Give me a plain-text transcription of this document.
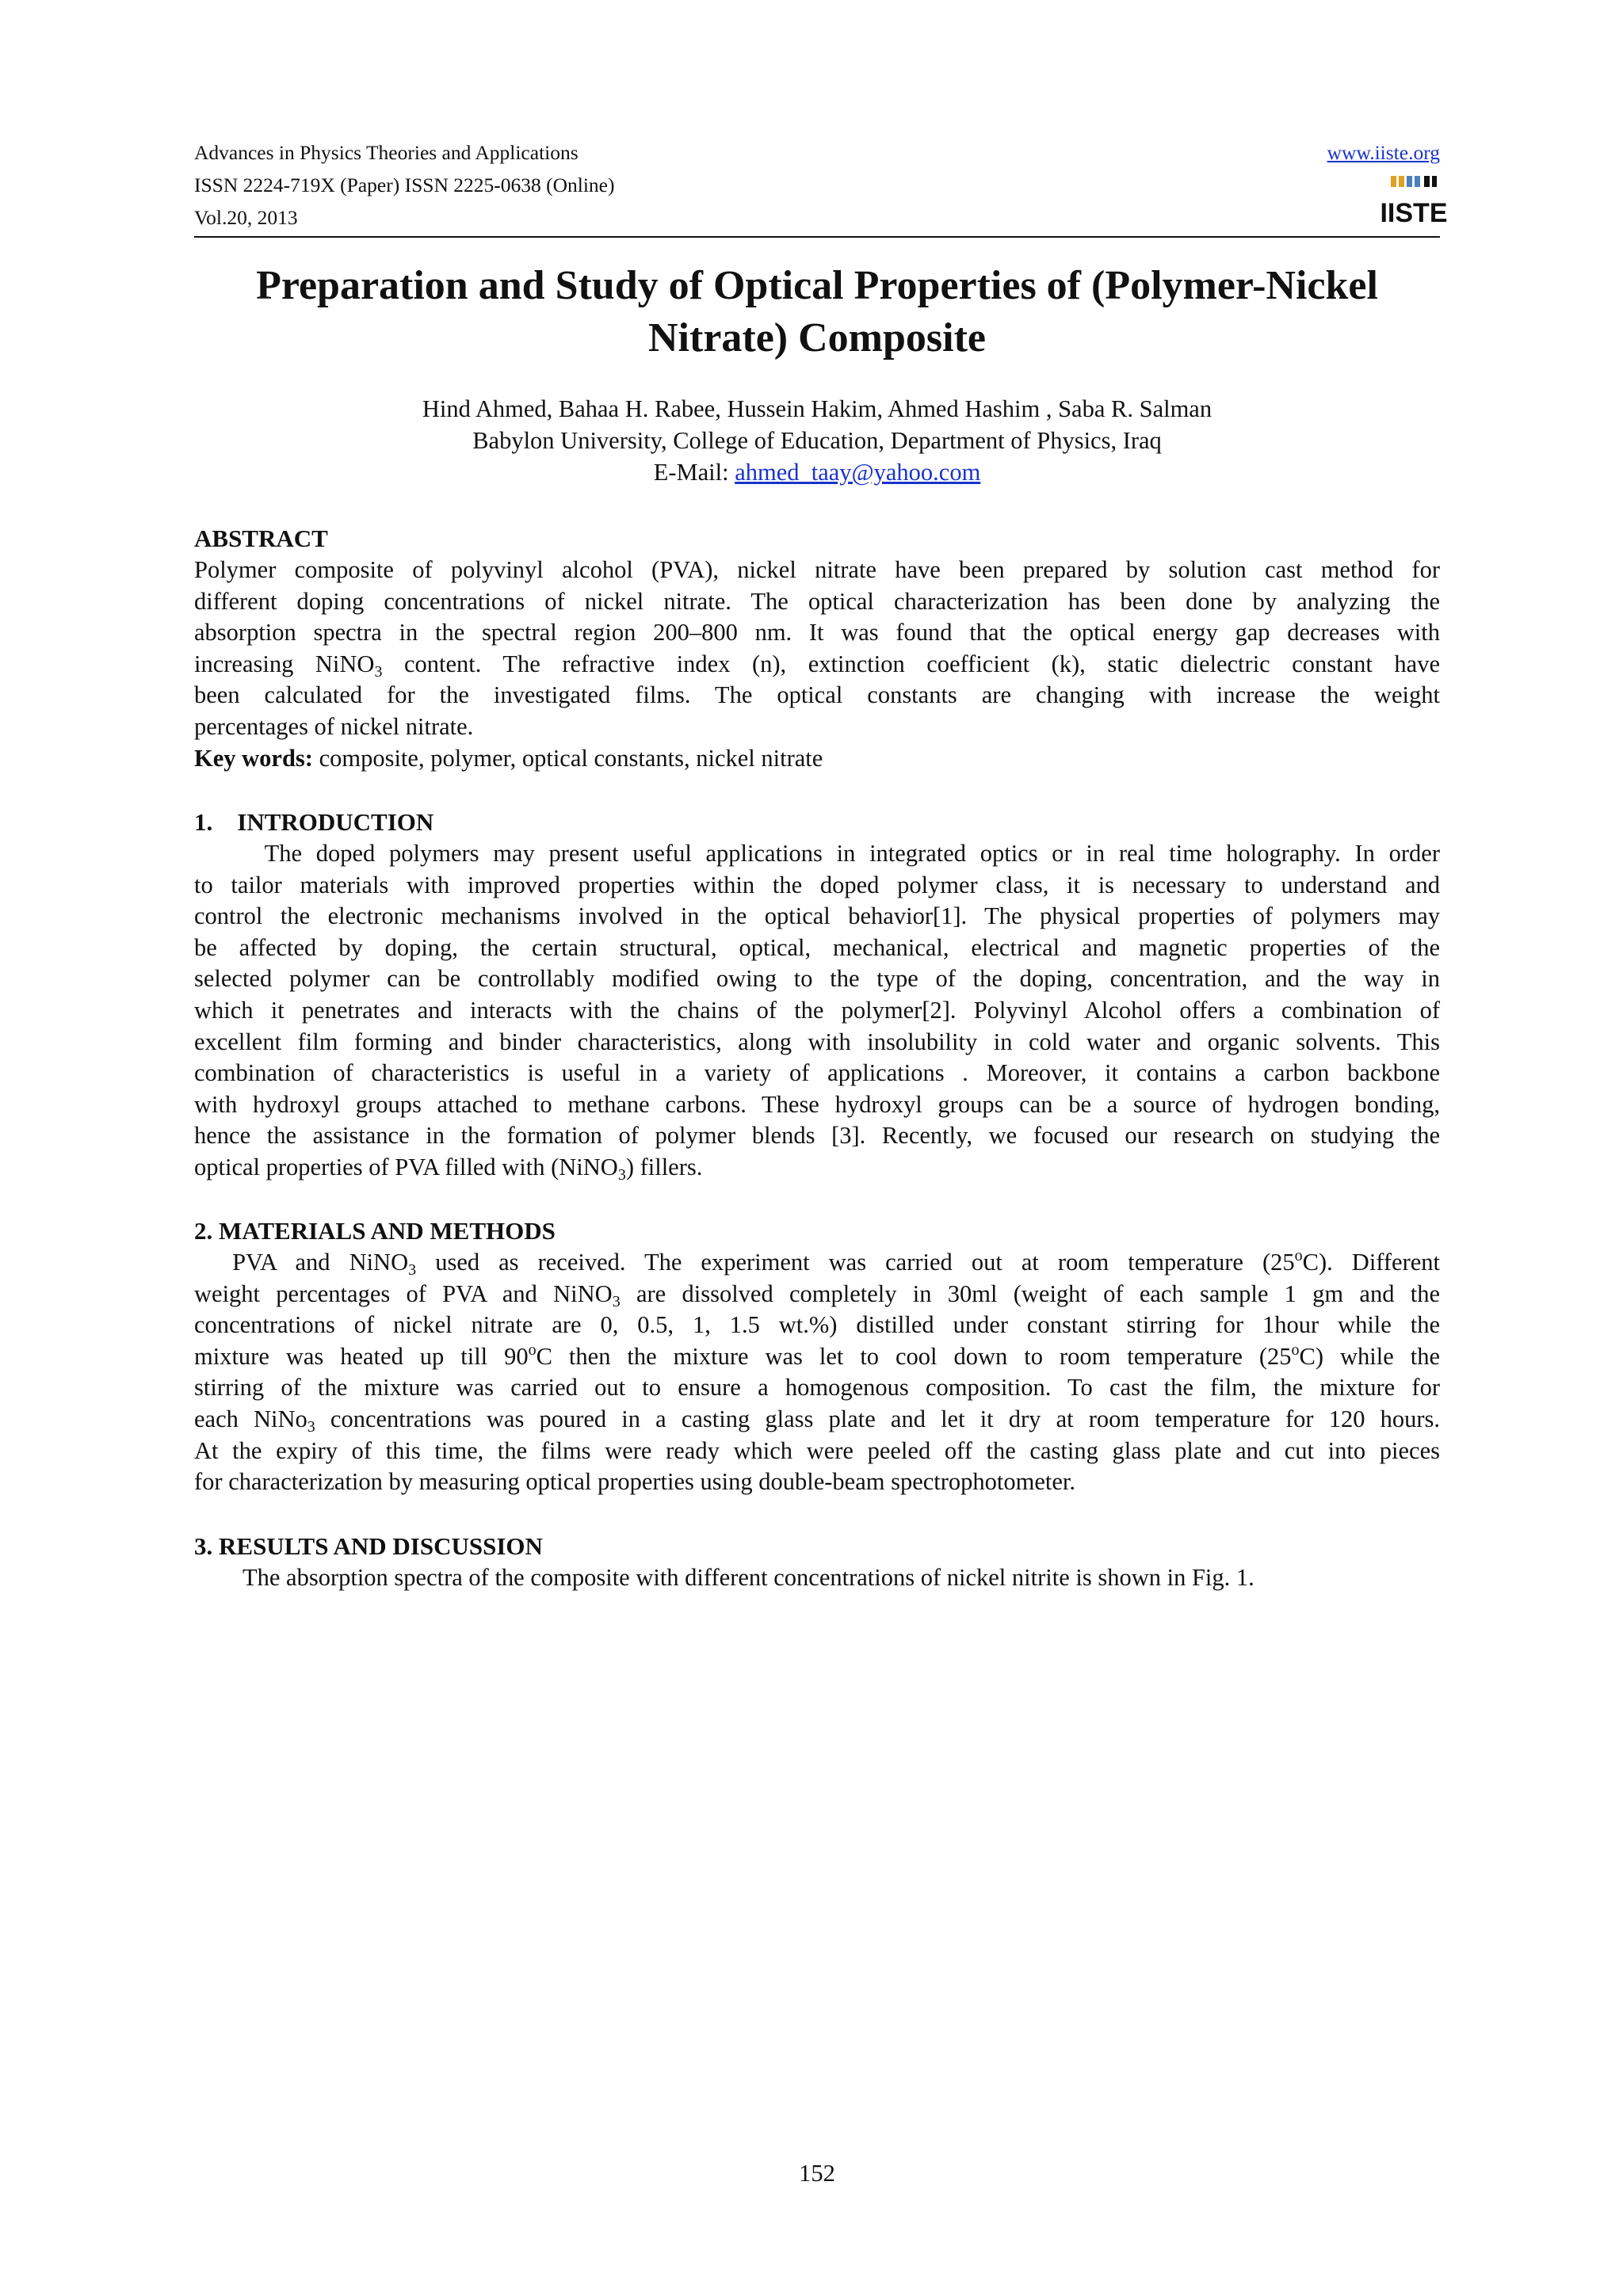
Advances in Physics Theories and Applications
ISSN 2224-719X (Paper) ISSN 2225-0638 (Online)
Vol.20, 2013
www.iiste.org
IISTE
Preparation and Study of Optical Properties of (Polymer-Nickel
Nitrate) Composite
Hind Ahmed, Bahaa H. Rabee, Hussein Hakim, Ahmed Hashim , Saba R. Salman
Babylon University, College of Education, Department of Physics, Iraq
E-Mail: ahmed_taay@yahoo.com
ABSTRACT
Polymer composite of polyvinyl alcohol (PVA), nickel nitrate have been prepared by solution cast method for
different doping concentrations of nickel nitrate. The optical characterization has been done by analyzing the
absorption spectra in the spectral region 200–800 nm. It was found that the optical energy gap decreases with
increasing NiNO$_3$ content. The refractive index (n), extinction coefficient (k), static dielectric constant have
been calculated for the investigated films. The optical constants are changing with increase the weight
percentages of nickel nitrate.
Key words: composite, polymer, optical constants, nickel nitrate
1.    INTRODUCTION
The doped polymers may present useful applications in integrated optics or in real time holography. In order
to tailor materials with improved properties within the doped polymer class, it is necessary to understand and
control the electronic mechanisms involved in the optical behavior[1]. The physical properties of polymers may
be affected by doping, the certain structural, optical, mechanical, electrical and magnetic properties of the
selected polymer can be controllably modified owing to the type of the doping, concentration, and the way in
which it penetrates and interacts with the chains of the polymer[2]. Polyvinyl Alcohol offers a combination of
excellent film forming and binder characteristics, along with insolubility in cold water and organic solvents. This
combination of characteristics is useful in a variety of applications . Moreover, it contains a carbon backbone
with hydroxyl groups attached to methane carbons. These hydroxyl groups can be a source of hydrogen bonding,
hence the assistance in the formation of polymer blends [3]. Recently, we focused our research on studying the
optical properties of PVA filled with (NiNO$_3$) fillers.
2. MATERIALS AND METHODS
PVA and NiNO$_3$ used as received. The experiment was carried out at room temperature (25$^o$C). Different
weight percentages of PVA and NiNO$_3$ are dissolved completely in 30ml (weight of each sample 1 gm and the
concentrations of nickel nitrate are 0, 0.5, 1, 1.5 wt.%) distilled under constant stirring for 1hour while the
mixture was heated up till 90$^o$C then the mixture was let to cool down to room temperature (25$^o$C) while the
stirring of the mixture was carried out to ensure a homogenous composition. To cast the film, the mixture for
each NiNo$_3$ concentrations was poured in a casting glass plate and let it dry at room temperature for 120 hours.
At the expiry of this time, the films were ready which were peeled off the casting glass plate and cut into pieces
for characterization by measuring optical properties using double-beam spectrophotometer.
3. RESULTS AND DISCUSSION
The absorption spectra of the composite with different concentrations of nickel nitrite is shown in Fig. 1.
152
